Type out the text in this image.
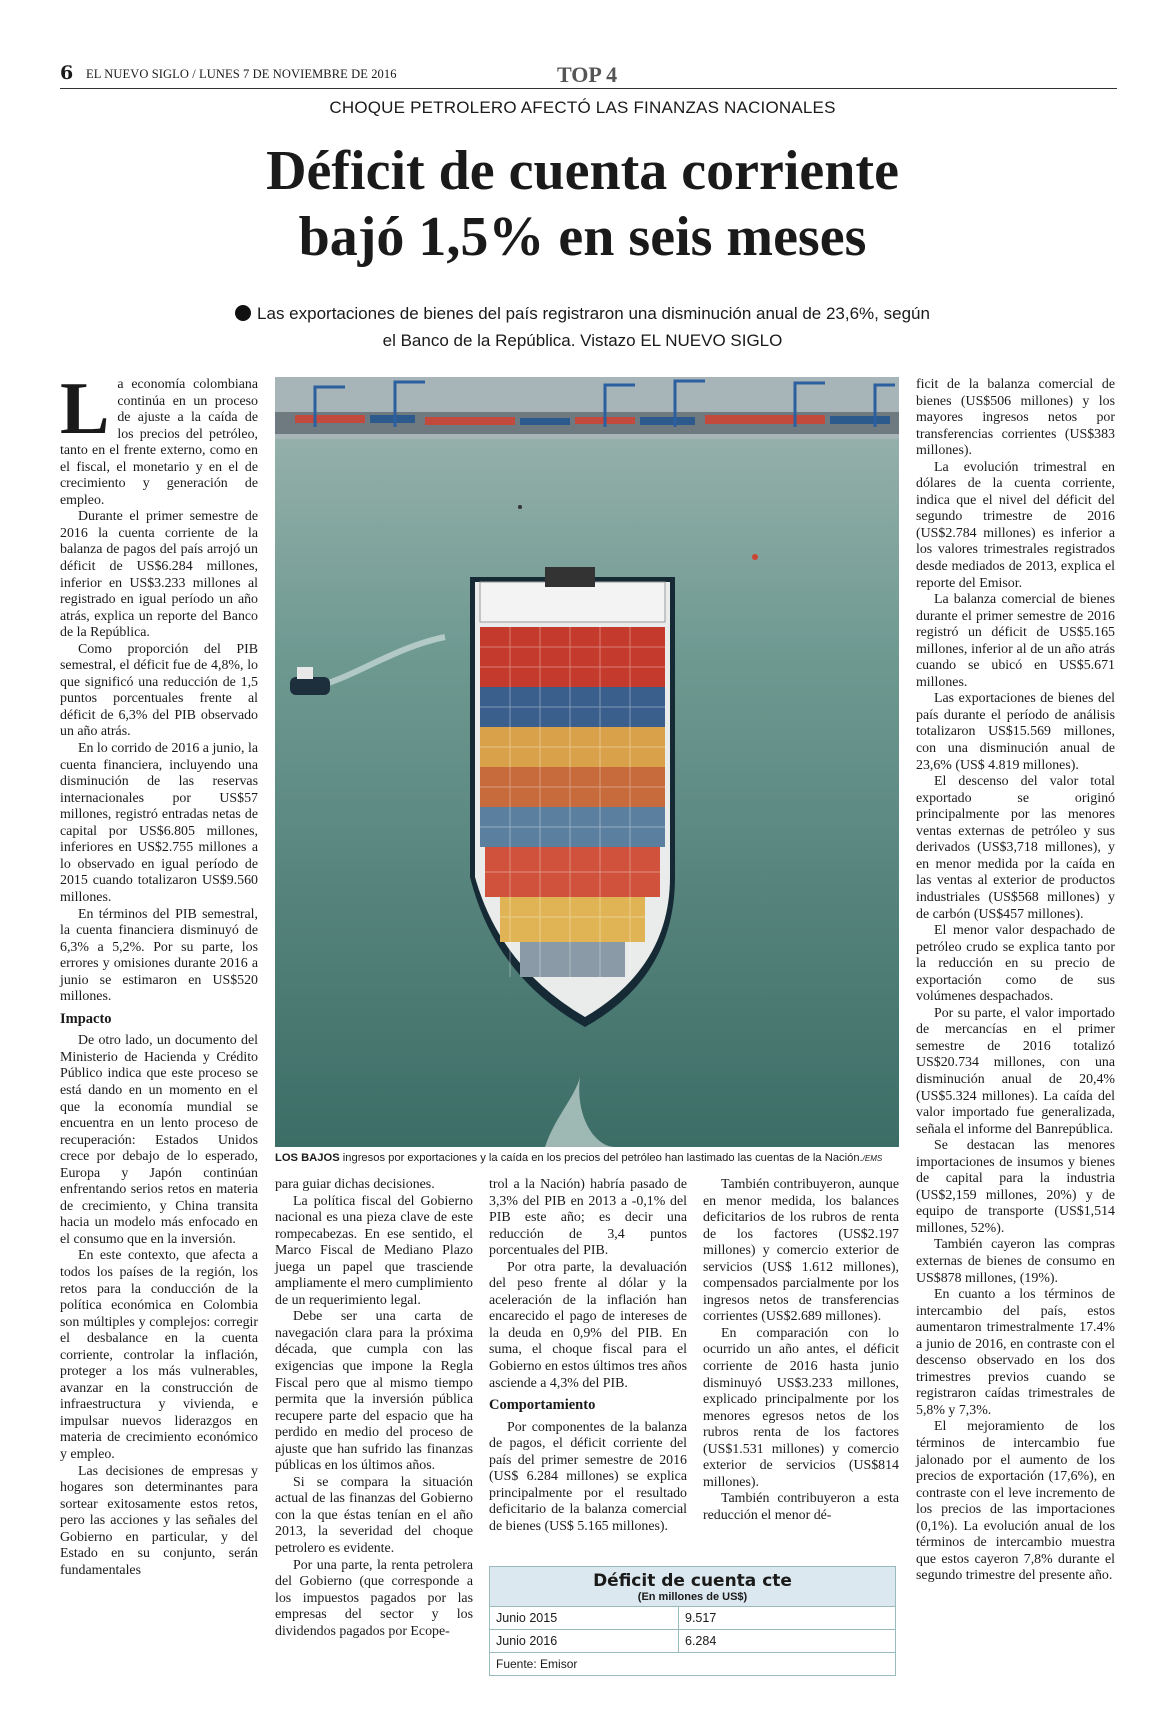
6 EL NUEVO SIGLO / LUNES 7 DE NOVIEMBRE DE 2016	TOP 4
CHOQUE PETROLERO AFECTÓ LAS FINANZAS NACIONALES
Déficit de cuenta corriente
bajó 1,5% en seis meses
Las exportaciones de bienes del país registraron una disminución anual de 23,6%, según el Banco de la República. Vistazo EL NUEVO SIGLO

La economía colombiana continúa en un proceso de ajuste a la caída de los precios del petróleo, tanto en el frente externo, como en el fiscal, el monetario y en el de crecimiento y generación de empleo.

Durante el primer semestre de 2016 la cuenta corriente de la balanza de pagos del país arrojó un déficit de US$6.284 millones, inferior en US$3.233 millones al registrado en igual período un año atrás, explica un reporte del Banco de la República.

Como proporción del PIB semestral, el déficit fue de 4,8%, lo que significó una reducción de 1,5 puntos porcentuales frente al déficit de 6,3% del PIB observado un año atrás.

En lo corrido de 2016 a junio, la cuenta financiera, incluyendo una disminución de las reservas internacionales por US$57 millones, registró entradas netas de capital por US$6.805 millones, inferiores en US$2.755 millones a lo observado en igual período de 2015 cuando totalizaron US$9.560 millones.

En términos del PIB semestral, la cuenta financiera disminuyó de 6,3% a 5,2%. Por su parte, los errores y omisiones durante 2016 a junio se estimaron en US$520 millones.

Impacto

De otro lado, un documento del Ministerio de Hacienda y Crédito Público indica que este proceso se está dando en un momento en el que la economía mundial se encuentra en un lento proceso de recuperación: Estados Unidos crece por debajo de lo esperado, Europa y Japón continúan enfrentando serios retos en materia de crecimiento, y China transita hacia un modelo más enfocado en el consumo que en la inversión.

En este contexto, que afecta a todos los países de la región, los retos para la conducción de la política económica en Colombia son múltiples y complejos: corregir el desbalance en la cuenta corriente, controlar la inflación, proteger a los más vulnerables, avanzar en la construcción de infraestructura y vivienda, e impulsar nuevos liderazgos en materia de crecimiento económico y empleo.

Las decisiones de empresas y hogares son determinantes para sortear exitosamente estos retos, pero las acciones y las señales del Gobierno en particular, y del Estado en su conjunto, serán fundamentales

LOS BAJOS ingresos por exportaciones y la caída en los precios del petróleo han lastimado las cuentas de la Nación./EMS

para guiar dichas decisiones.

La política fiscal del Gobierno nacional es una pieza clave de este rompecabezas. En ese sentido, el Marco Fiscal de Mediano Plazo juega un papel que trasciende ampliamente el mero cumplimiento de un requerimiento legal.

Debe ser una carta de navegación clara para la próxima década, que cumpla con las exigencias que impone la Regla Fiscal pero que al mismo tiempo permita que la inversión pública recupere parte del espacio que ha perdido en medio del proceso de ajuste que han sufrido las finanzas públicas en los últimos años.

Si se compara la situación actual de las finanzas del Gobierno con la que éstas tenían en el año 2013, la severidad del choque petrolero es evidente.

Por una parte, la renta petrolera del Gobierno (que corresponde a los impuestos pagados por las empresas del sector y los dividendos pagados por Ecope-

trol a la Nación) habría pasado de 3,3% del PIB en 2013 a -0,1% del PIB este año; es decir una reducción de 3,4 puntos porcentuales del PIB.

Por otra parte, la devaluación del peso frente al dólar y la aceleración de la inflación han encarecido el pago de intereses de la deuda en 0,9% del PIB. En suma, el choque fiscal para el Gobierno en estos últimos tres años asciende a 4,3% del PIB.

Comportamiento

Por componentes de la balanza de pagos, el déficit corriente del país del primer semestre de 2016 (US$ 6.284 millones) se explica principalmente por el resultado deficitario de la balanza comercial de bienes (US$ 5.165 millones).

También contribuyeron, aunque en menor medida, los balances deficitarios de los rubros de renta de los factores (US$2.197 millones) y comercio exterior de servicios (US$ 1.612 millones), compensados parcialmente por los ingresos netos de transferencias corrientes (US$2.689 millones).

En comparación con lo ocurrido un año antes, el déficit corriente de 2016 hasta junio disminuyó US$3.233 millones, explicado principalmente por los menores egresos netos de los rubros renta de los factores (US$1.531 millones) y comercio exterior de servicios (US$814 millones).

También contribuyeron a esta reducción el menor dé-

Déficit de cuenta cte
(En millones de US$)
Junio 2015	9.517
Junio 2016	6.284
Fuente: Emisor

ficit de la balanza comercial de bienes (US$506 millones) y los mayores ingresos netos por transferencias corrientes (US$383 millones).

La evolución trimestral en dólares de la cuenta corriente, indica que el nivel del déficit del segundo trimestre de 2016 (US$2.784 millones) es inferior a los valores trimestrales registrados desde mediados de 2013, explica el reporte del Emisor.

La balanza comercial de bienes durante el primer semestre de 2016 registró un déficit de US$5.165 millones, inferior al de un año atrás cuando se ubicó en US$5.671 millones.

Las exportaciones de bienes del país durante el período de análisis totalizaron US$15.569 millones, con una disminución anual de 23,6% (US$ 4.819 millones).

El descenso del valor total exportado se originó principalmente por las menores ventas externas de petróleo y sus derivados (US$3,718 millones), y en menor medida por la caída en las ventas al exterior de productos industriales (US$568 millones) y de carbón (US$457 millones).

El menor valor despachado de petróleo crudo se explica tanto por la reducción en su precio de exportación como de sus volúmenes despachados.

Por su parte, el valor importado de mercancías en el primer semestre de 2016 totalizó US$20.734 millones, con una disminución anual de 20,4% (US$5.324 millones). La caída del valor importado fue generalizada, señala el informe del Banrepública.

Se destacan las menores importaciones de insumos y bienes de capital para la industria (US$2,159 millones, 20%) y de equipo de transporte (US$1,514 millones, 52%).

También cayeron las compras externas de bienes de consumo en US$878 millones, (19%).

En cuanto a los términos de intercambio del país, estos aumentaron trimestralmente 17.4% a junio de 2016, en contraste con el descenso observado en los dos trimestres previos cuando se registraron caídas trimestrales de 5,8% y 7,3%.

El mejoramiento de los términos de intercambio fue jalonado por el aumento de los precios de exportación (17,6%), en contraste con el leve incremento de los precios de las importaciones (0,1%). La evolución anual de los términos de intercambio muestra que estos cayeron 7,8% durante el segundo trimestre del presente año.
